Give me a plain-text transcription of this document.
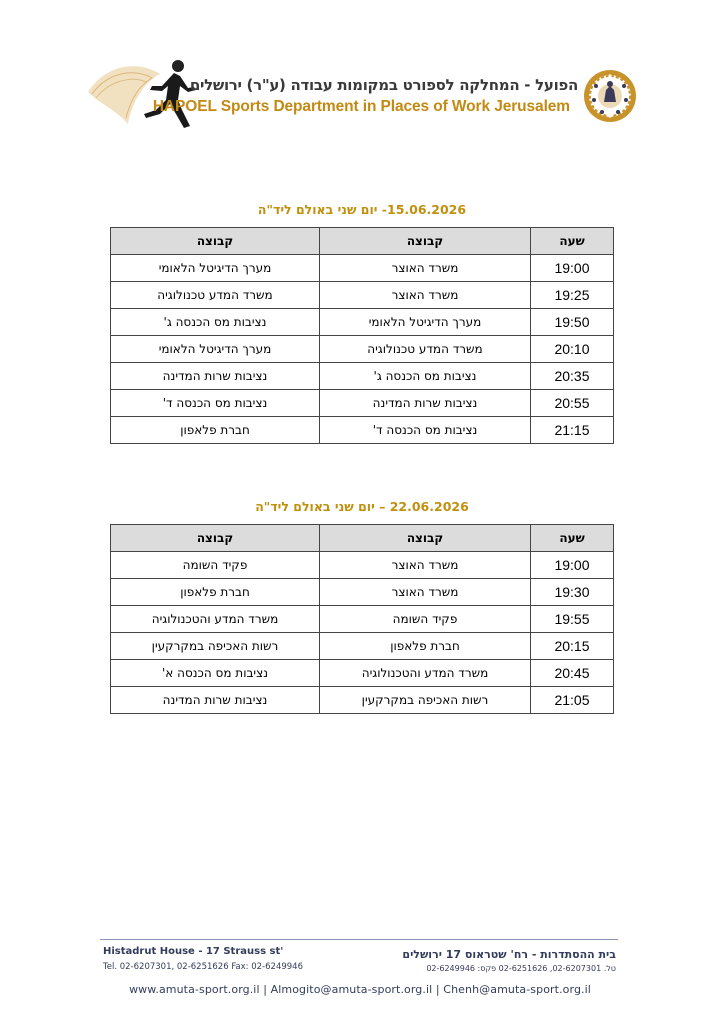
הפועל - המחלקה לספורט במקומות עבודה (ע"ר) ירושלים
HAPOEL Sports Department in Places of Work Jerusalem
15.06.2026- יום שני באולם ליד"ה
שעה	קבוצה	קבוצה
19:00	משרד האוצר	מערך הדיגיטל הלאומי
19:25	משרד האוצר	משרד המדע טכנולוגיה
19:50	מערך הדיגיטל הלאומי	נציבות מס הכנסה ג'
20:10	משרד המדע טכנולוגיה	מערך הדיגיטל הלאומי
20:35	נציבות מס הכנסה ג'	נציבות שרות המדינה
20:55	נציבות שרות המדינה	נציבות מס הכנסה ד'
21:15	נציבות מס הכנסה ד'	חברת פלאפון
22.06.2026 – יום שני באולם ליד"ה
שעה	קבוצה	קבוצה
19:00	משרד האוצר	פקיד השומה
19:30	משרד האוצר	חברת פלאפון
19:55	פקיד השומה	משרד המדע והטכנולוגיה
20:15	חברת פלאפון	רשות האכיפה במקרקעין
20:45	משרד המדע והטכנולוגיה	נציבות מס הכנסה א'
21:05	רשות האכיפה במקרקעין	נציבות שרות המדינה
Histadrut House - 17 Strauss st'
Tel. 02-6207301, 02-6251626 Fax: 02-6249946
בית ההסתדרות - רח' שטראוס 17 ירושלים
טל. 02-6207301, 02-6251626 פקס: 02-6249946
www.amuta-sport.org.il | Almogito@amuta-sport.org.il | Chenh@amuta-sport.org.il
